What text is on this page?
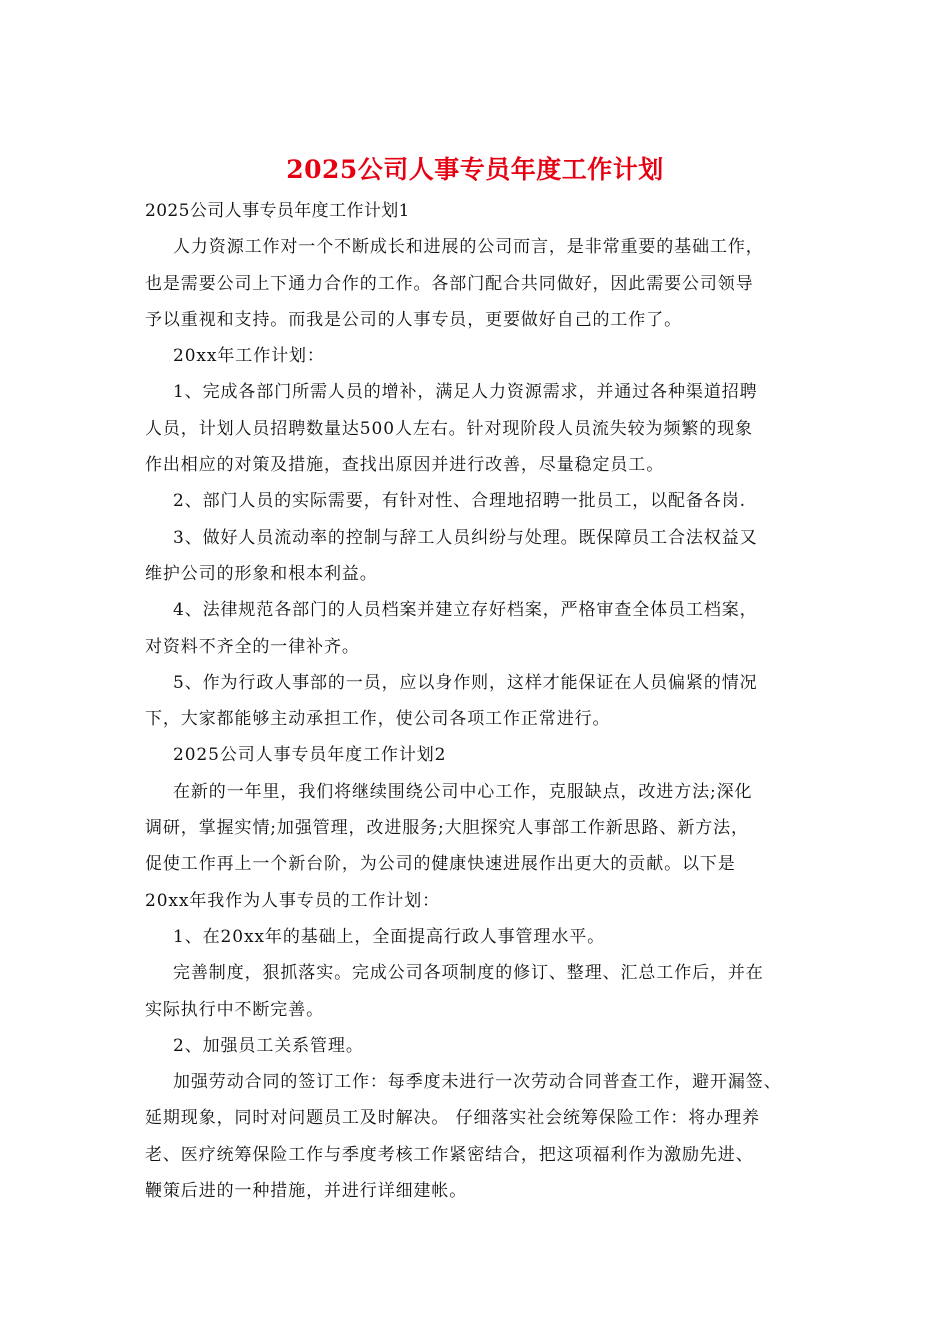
2025公司人事专员年度工作计划
2025公司人事专员年度工作计划1
人力资源工作对一个不断成长和进展的公司而言，是非常重要的基础工作，
也是需要公司上下通力合作的工作。各部门配合共同做好，因此需要公司领导
予以重视和支持。而我是公司的人事专员，更要做好自己的工作了。
20xx年工作计划：
1、完成各部门所需人员的增补，满足人力资源需求，并通过各种渠道招聘
人员，计划人员招聘数量达500人左右。针对现阶段人员流失较为频繁的现象
作出相应的对策及措施，查找出原因并进行改善，尽量稳定员工。
2、部门人员的实际需要，有针对性、合理地招聘一批员工，以配备各岗.
3、做好人员流动率的控制与辞工人员纠纷与处理。既保障员工合法权益又
维护公司的形象和根本利益。
4、法律规范各部门的人员档案并建立存好档案，严格审查全体员工档案，
对资料不齐全的一律补齐。
5、作为行政人事部的一员，应以身作则，这样才能保证在人员偏紧的情况
下，大家都能够主动承担工作，使公司各项工作正常进行。
2025公司人事专员年度工作计划2
在新的一年里，我们将继续围绕公司中心工作，克服缺点，改进方法;深化
调研，掌握实情;加强管理，改进服务;大胆探究人事部工作新思路、新方法，
促使工作再上一个新台阶，为公司的健康快速进展作出更大的贡献。以下是
20xx年我作为人事专员的工作计划：
1、在20xx年的基础上，全面提高行政人事管理水平。
完善制度，狠抓落实。完成公司各项制度的修订、整理、汇总工作后，并在
实际执行中不断完善。
2、加强员工关系管理。
加强劳动合同的签订工作：每季度未进行一次劳动合同普查工作，避开漏签、
延期现象，同时对问题员工及时解决。 仔细落实社会统筹保险工作：将办理养
老、医疗统筹保险工作与季度考核工作紧密结合，把这项福利作为激励先进、
鞭策后进的一种措施，并进行详细建帐。
